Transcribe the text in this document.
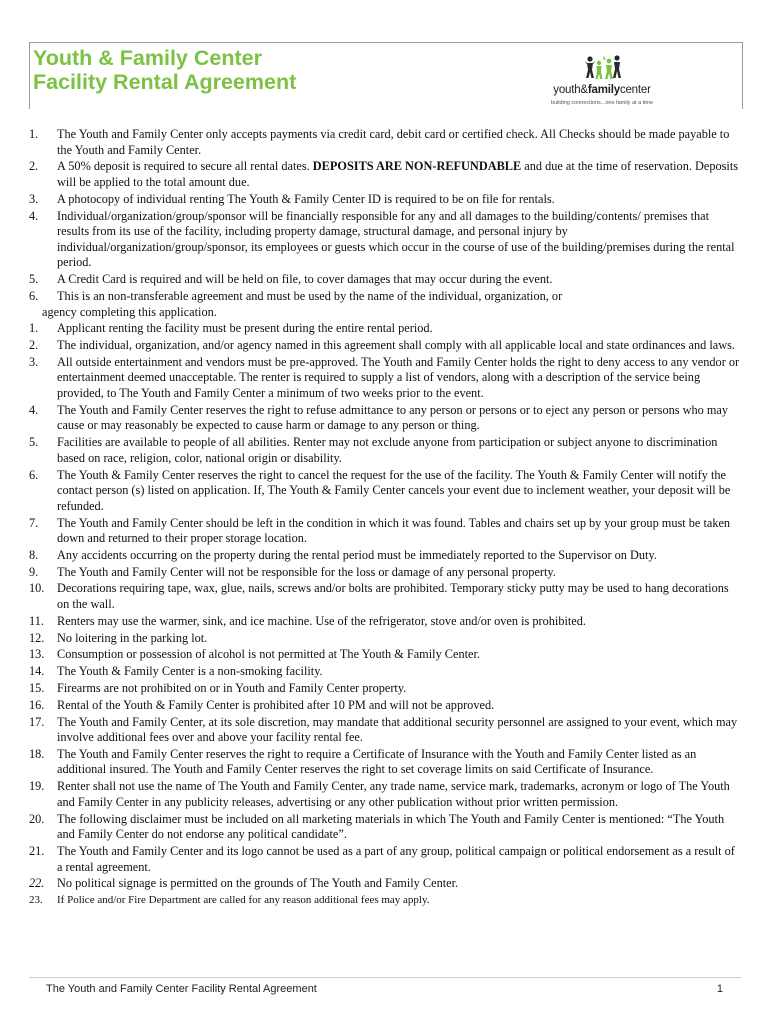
Youth & Family Center
Facility Rental Agreement	youth&familycenter
building connections...one family at a time
1. The Youth and Family Center only accepts payments via credit card, debit card or certified check. All Checks should be made payable to the Youth and Family Center.
2. A 50% deposit is required to secure all rental dates. DEPOSITS ARE NON-REFUNDABLE and due at the time of reservation. Deposits will be applied to the total amount due.
3. A photocopy of individual renting The Youth & Family Center ID is required to be on file for rentals.
4. Individual/organization/group/sponsor will be financially responsible for any and all damages to the building/contents/ premises that results from its use of the facility, including property damage, structural damage, and personal injury by individual/organization/group/sponsor, its employees or guests which occur in the course of use of the building/premises during the rental period.
5. A Credit Card is required and will be held on file, to cover damages that may occur during the event.
6. This is an non-transferable agreement and must be used by the name of the individual, organization, or
agency completing this application.
1. Applicant renting the facility must be present during the entire rental period.
2. The individual, organization, and/or agency named in this agreement shall comply with all applicable local and state ordinances and laws.
3. All outside entertainment and vendors must be pre-approved. The Youth and Family Center holds the right to deny access to any vendor or entertainment deemed unacceptable. The renter is required to supply a list of vendors, along with a description of the service being provided, to The Youth and Family Center a minimum of two weeks prior to the event.
4. The Youth and Family Center reserves the right to refuse admittance to any person or persons or to eject any person or persons who may cause or may reasonably be expected to cause harm or damage to any person or thing.
5. Facilities are available to people of all abilities. Renter may not exclude anyone from participation or subject anyone to discrimination based on race, religion, color, national origin or disability.
6. The Youth & Family Center reserves the right to cancel the request for the use of the facility. The Youth & Family Center will notify the contact person (s) listed on application. If, The Youth & Family Center cancels your event due to inclement weather, your deposit will be refunded.
7. The Youth and Family Center should be left in the condition in which it was found. Tables and chairs set up by your group must be taken down and returned to their proper storage location.
8. Any accidents occurring on the property during the rental period must be immediately reported to the Supervisor on Duty.
9. The Youth and Family Center will not be responsible for the loss or damage of any personal property.
10. Decorations requiring tape, wax, glue, nails, screws and/or bolts are prohibited. Temporary sticky putty may be used to hang decorations on the wall.
11. Renters may use the warmer, sink, and ice machine. Use of the refrigerator, stove and/or oven is prohibited.
12. No loitering in the parking lot.
13. Consumption or possession of alcohol is not permitted at The Youth & Family Center.
14. The Youth & Family Center is a non-smoking facility.
15. Firearms are not prohibited on or in Youth and Family Center property.
16. Rental of the Youth & Family Center is prohibited after 10 PM and will not be approved.
17. The Youth and Family Center, at its sole discretion, may mandate that additional security personnel are assigned to your event, which may involve additional fees over and above your facility rental fee.
18. The Youth and Family Center reserves the right to require a Certificate of Insurance with the Youth and Family Center listed as an additional insured. The Youth and Family Center reserves the right to set coverage limits on said Certificate of Insurance.
19. Renter shall not use the name of The Youth and Family Center, any trade name, service mark, trademarks, acronym or logo of The Youth and Family Center in any publicity releases, advertising or any other publication without prior written permission.
20. The following disclaimer must be included on all marketing materials in which The Youth and Family Center is mentioned: “The Youth and Family Center do not endorse any political candidate”.
21. The Youth and Family Center and its logo cannot be used as a part of any group, political campaign or political endorsement as a result of a rental agreement.
22. No political signage is permitted on the grounds of The Youth and Family Center.
23. If Police and/or Fire Department are called for any reason additional fees may apply.
The Youth and Family Center Facility Rental Agreement	1
